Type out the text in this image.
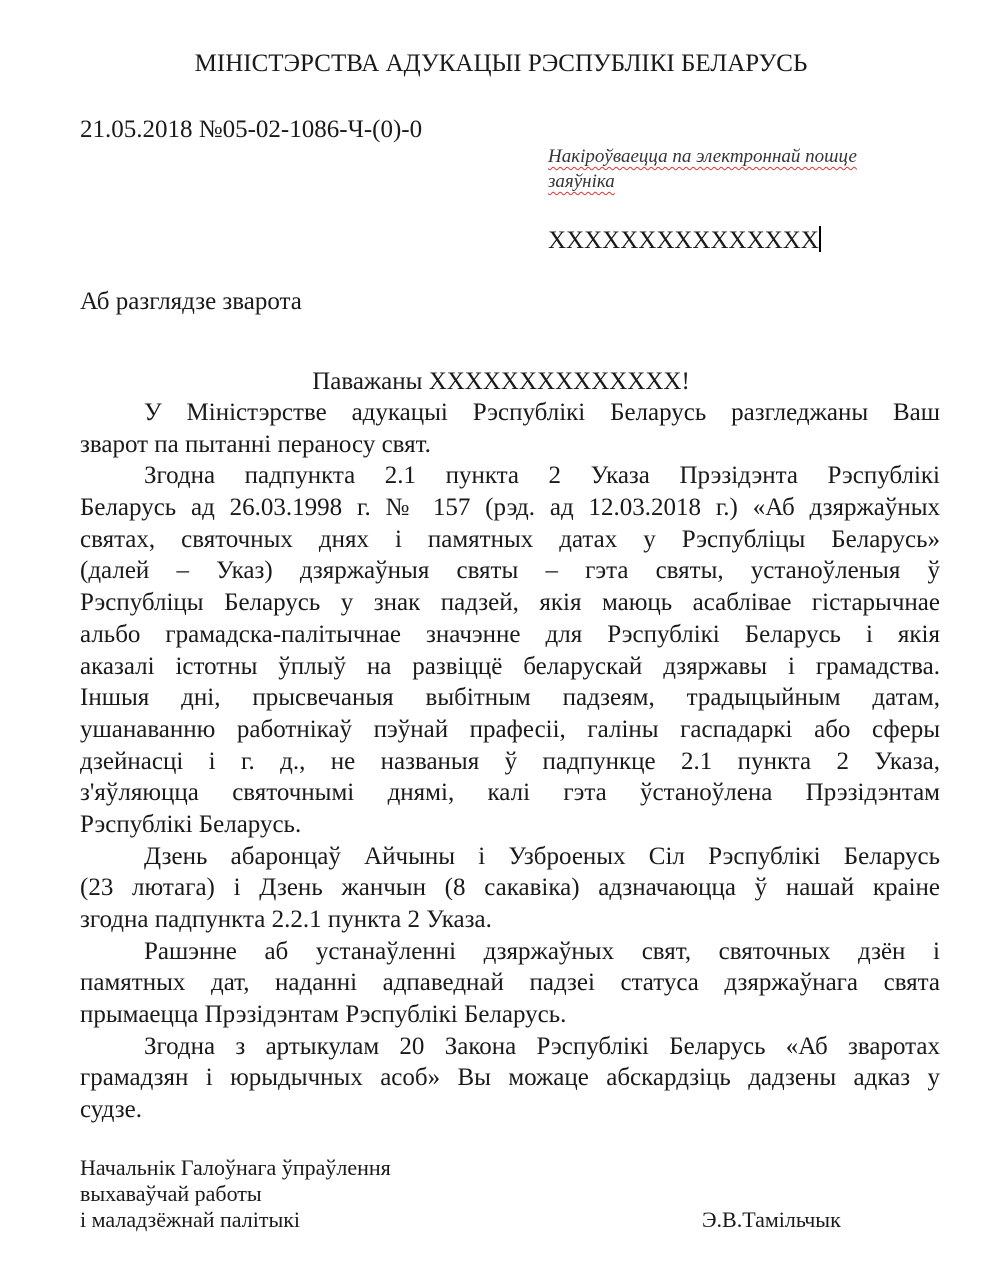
МІНІСТЭРСТВА АДУКАЦЫІ РЭСПУБЛІКІ БЕЛАРУСЬ
21.05.2018 №05-02-1086-Ч-(0)-0
Накіроўваецца па электроннай пошце
заяўніка
XXXXXXXXXXXXXXX
Аб разглядзе зварота
Паважаны XXXXXXXXXXXXXX!
У Міністэрстве адукацыі Рэспублікі Беларусь разгледжаны Ваш
зварот па пытанні пераносу свят.
Згодна падпункта 2.1 пункта 2 Указа Прэзідэнта Рэспублікі
Беларусь ад 26.03.1998 г. № 157 (рэд. ад 12.03.2018 г.) «Аб дзяржаўных
святах, святочных днях і памятных датах у Рэспубліцы Беларусь»
(далей – Указ) дзяржаўныя святы – гэта святы, устаноўленыя ў
Рэспубліцы Беларусь у знак падзей, якія маюць асаблівае гістарычнае
альбо грамадска-палітычнае значэнне для Рэспублікі Беларусь і якія
аказалі істотны ўплыў на развіццё беларускай дзяржавы і грамадства.
Іншыя дні, прысвечаныя выбітным падзеям, традыцыйным датам,
ушанаванню работнікаў пэўнай прафесіі, галіны гаспадаркі або сферы
дзейнасці і г. д., не названыя ў падпункце 2.1 пункта 2 Указа,
з'яўляюцца святочнымі днямі, калі гэта ўстаноўлена Прэзідэнтам
Рэспублікі Беларусь.
Дзень абаронцаў Айчыны і Узброеных Сіл Рэспублікі Беларусь
(23 лютага) і Дзень жанчын (8 сакавіка) адзначаюцца ў нашай краіне
згодна падпункта 2.2.1 пункта 2 Указа.
Рашэнне аб устанаўленні дзяржаўных свят, святочных дзён і
памятных дат, наданні адпаведнай падзеі статуса дзяржаўнага свята
прымаецца Прэзідэнтам Рэспублікі Беларусь.
Згодна з артыкулам 20 Закона Рэспублікі Беларусь «Аб зваротах
грамадзян і юрыдычных асоб» Вы можаце абскардзіць дадзены адказ у
судзе.
Начальнік Галоўнага ўпраўлення
выхаваўчай работы
і маладзёжнай палітыкі	Э.В.Тамільчык
